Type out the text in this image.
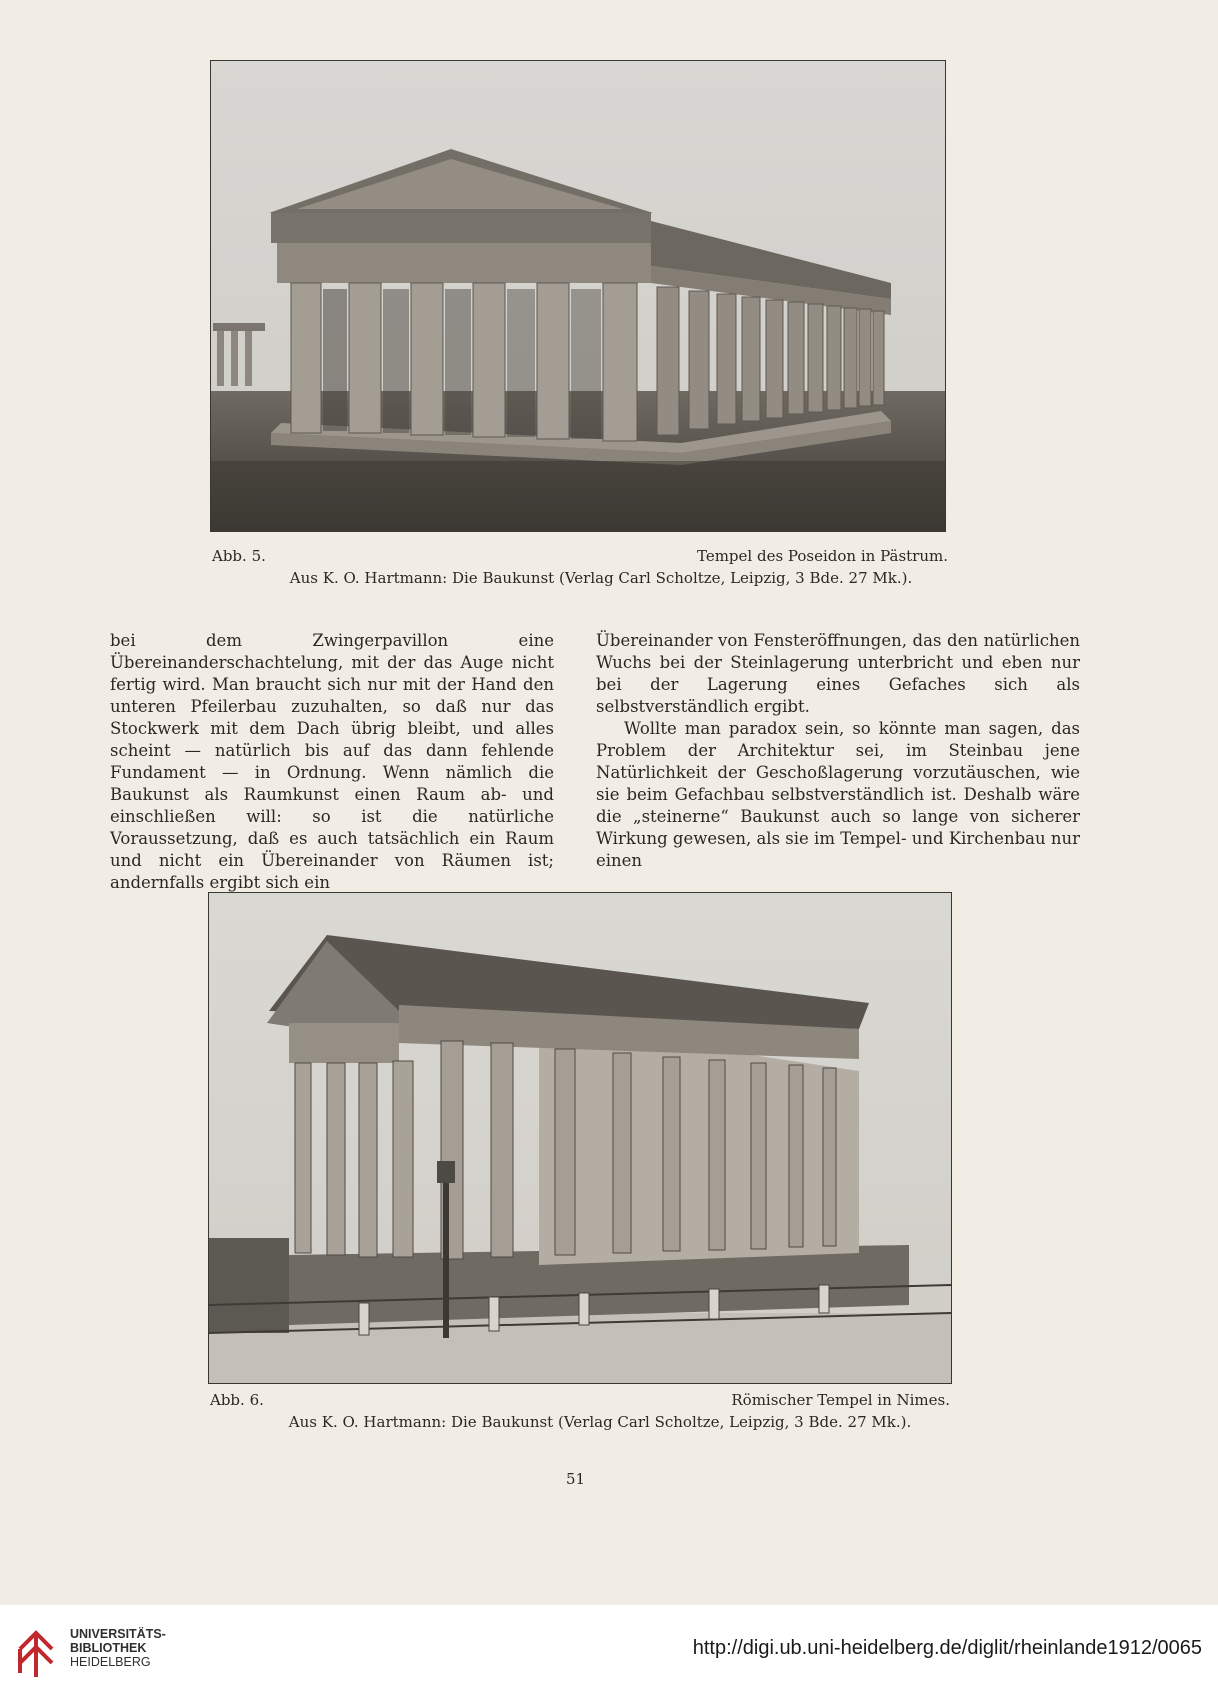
Abb. 5.	Tempel des Poseidon in Pästrum.
Aus K. O. Hartmann: Die Baukunst (Verlag Carl Scholtze, Leipzig, 3 Bde. 27 Mk.).

bei dem Zwingerpavillon eine Übereinanderschachtelung, mit der das Auge nicht fertig wird. Man braucht sich nur mit der Hand den unteren Pfeilerbau zuzuhalten, so daß nur das Stockwerk mit dem Dach übrig bleibt, und alles scheint — natürlich bis auf das dann fehlende Fundament — in Ordnung. Wenn nämlich die Baukunst als Raumkunst einen Raum ab- und einschließen will: so ist die natürliche Voraussetzung, daß es auch tatsächlich ein Raum und nicht ein Übereinander von Räumen ist; andernfalls ergibt sich ein

Übereinander von Fensteröffnungen, das den natürlichen Wuchs bei der Steinlagerung unterbricht und eben nur bei der Lagerung eines Gefaches sich als selbstverständlich ergibt.

Wollte man paradox sein, so könnte man sagen, das Problem der Architektur sei, im Steinbau jene Natürlichkeit der Geschoßlagerung vorzutäuschen, wie sie beim Gefachbau selbstverständlich ist. Deshalb wäre die „steinerne“ Baukunst auch so lange von sicherer Wirkung gewesen, als sie im Tempel- und Kirchenbau nur einen

Abb. 6.	Römischer Tempel in Nimes.
Aus K. O. Hartmann: Die Baukunst (Verlag Carl Scholtze, Leipzig, 3 Bde. 27 Mk.).
51
UNIVERSITÄTS-
BIBLIOTHEK
HEIDELBERG
http://digi.ub.uni-heidelberg.de/diglit/rheinlande1912/0065
